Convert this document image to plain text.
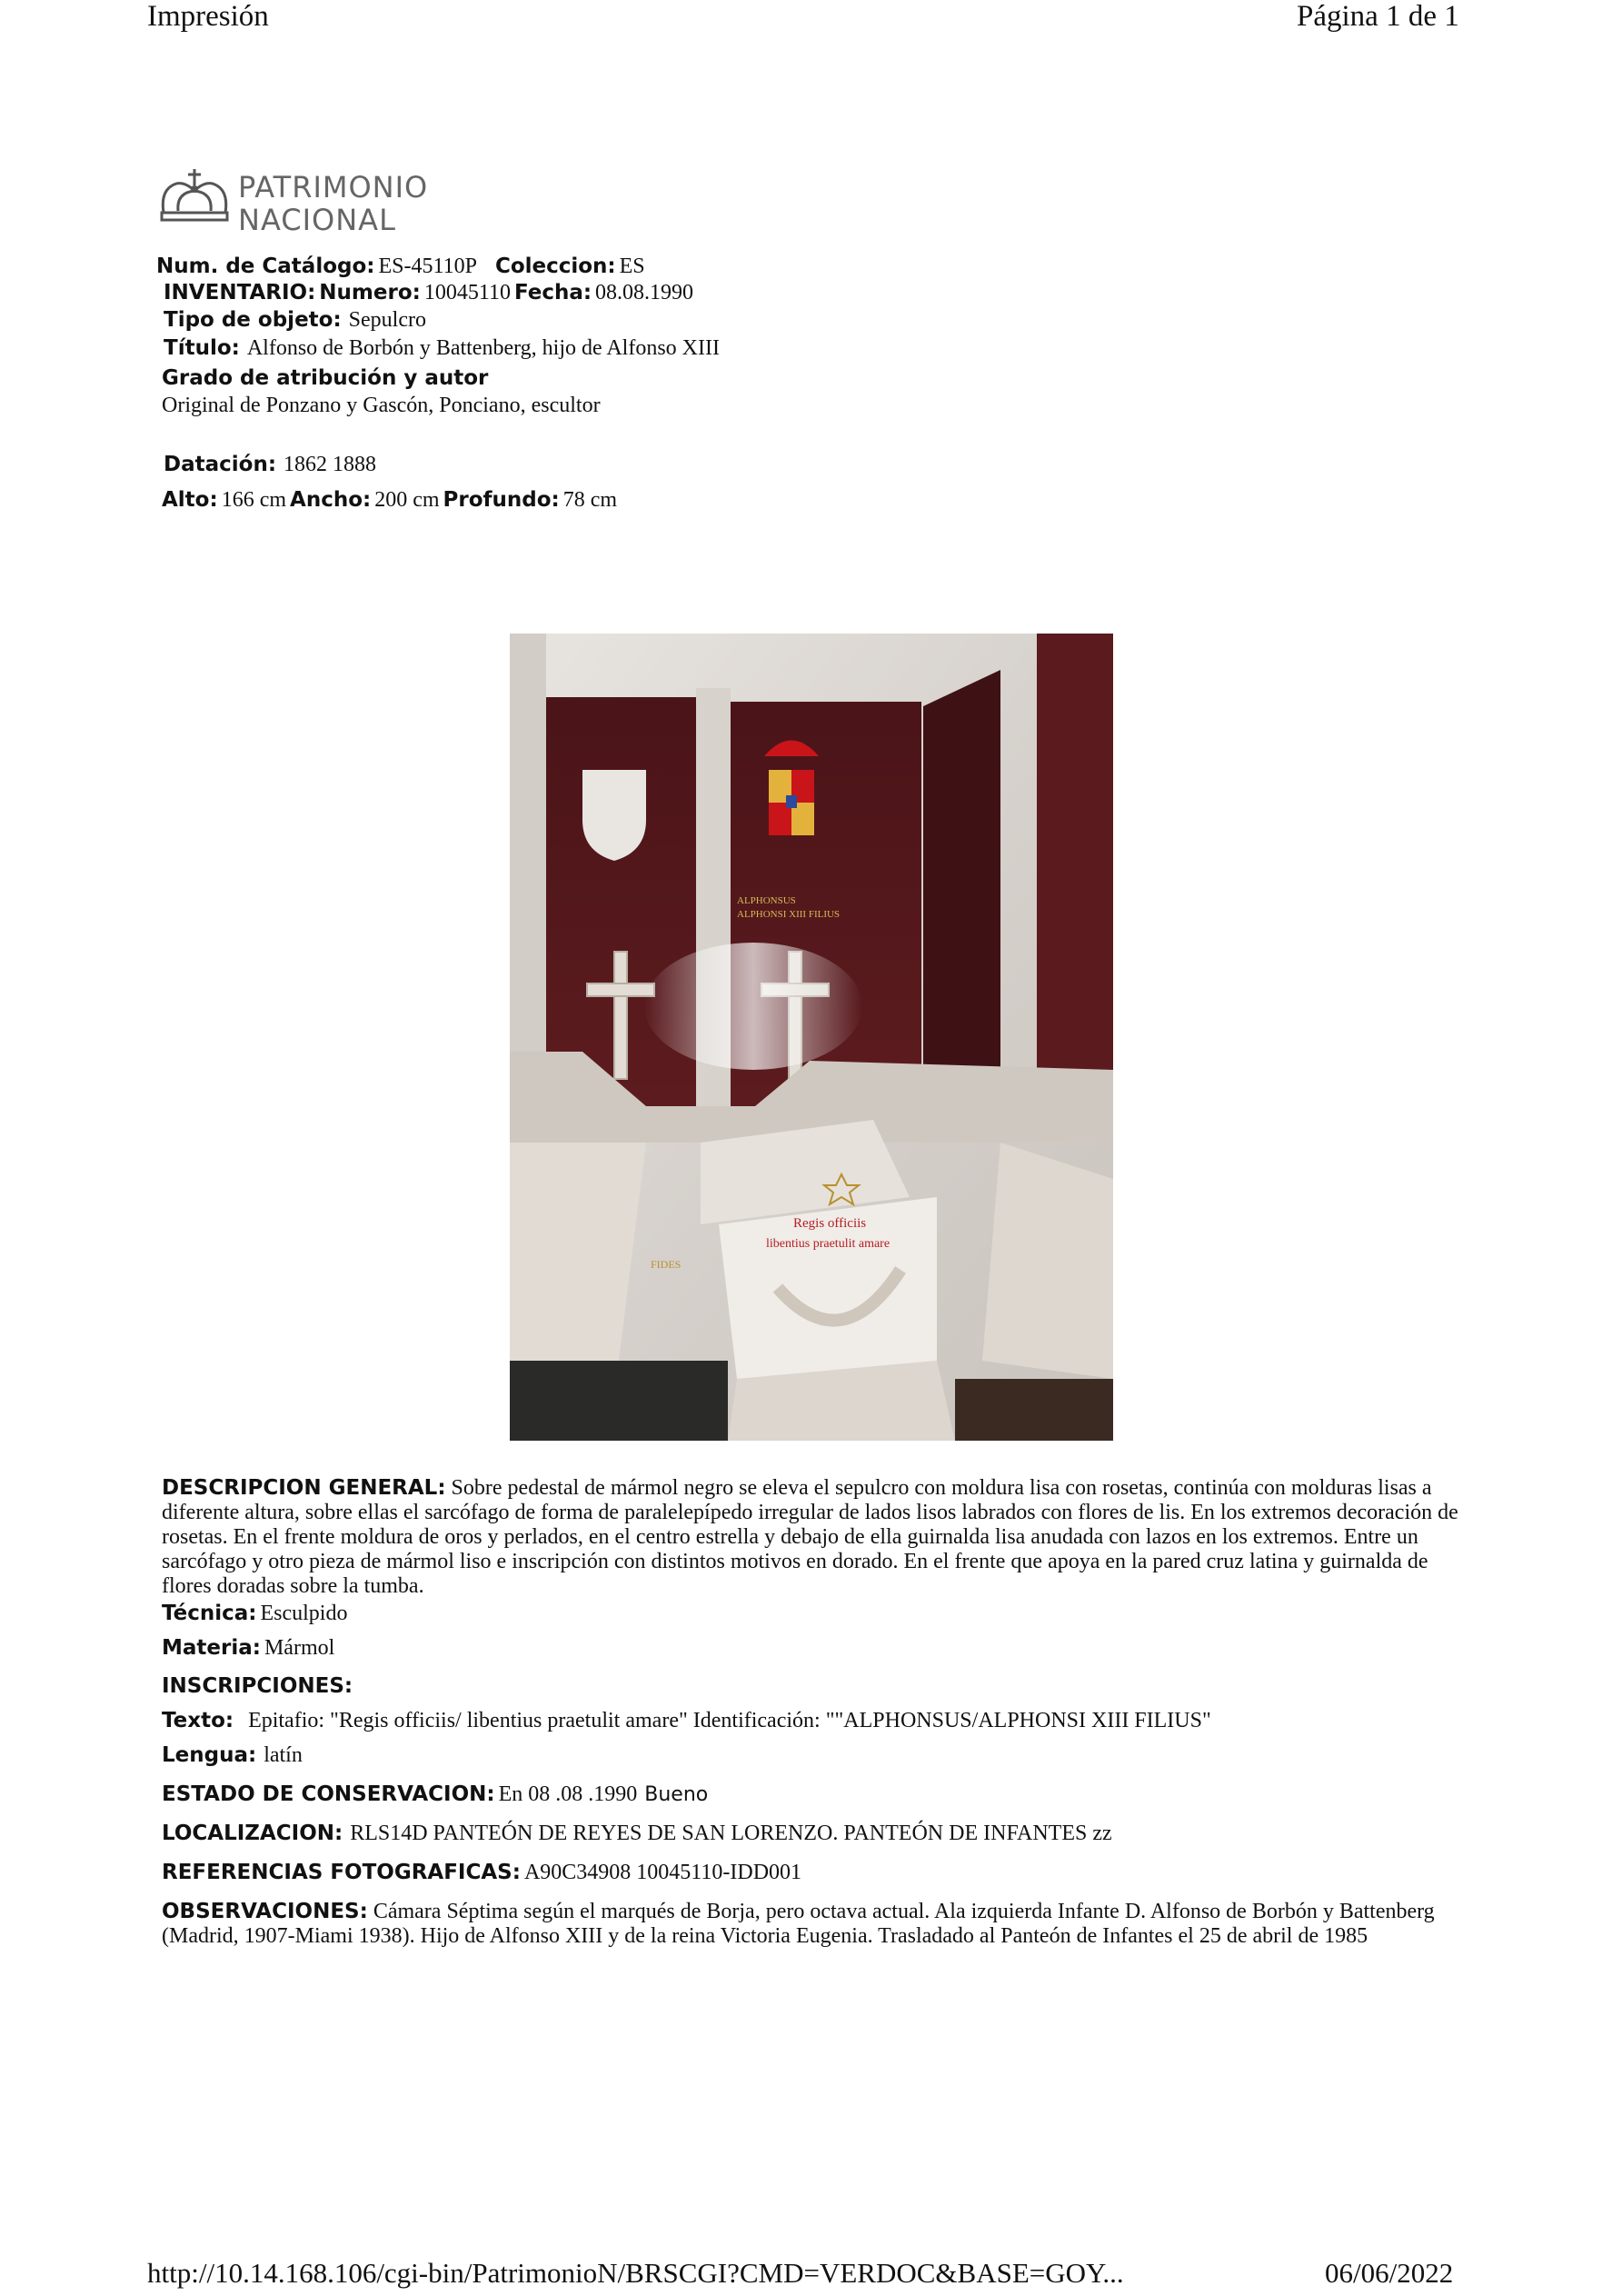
Impresión	Página 1 de 1
PATRIMONIO
NACIONAL
Num. de Catálogo: ES-45110P Coleccion: ES
INVENTARIO: Numero: 10045110 Fecha: 08.08.1990
Tipo de objeto: Sepulcro
Título: Alfonso de Borbón y Battenberg, hijo de Alfonso XIII
Grado de atribución y autor
Original de Ponzano y Gascón, Ponciano, escultor
Datación: 1862 1888
Alto: 166 cm Ancho: 200 cm Profundo: 78 cm
ALPHONSUS
ALPHONSI XIII FILIUS
FIDES
Regis officiis
libentius praetulit amare
DESCRIPCION GENERAL: Sobre pedestal de mármol negro se eleva el sepulcro con moldura lisa con rosetas, continúa con molduras lisas a diferente altura, sobre ellas el sarcófago de forma de paralelepípedo irregular de lados lisos labrados con flores de lis. En los extremos decoración de rosetas. En el frente moldura de oros y perlados, en el centro estrella y debajo de ella guirnalda lisa anudada con lazos en los extremos. Entre un sarcófago y otro pieza de mármol liso e inscripción con distintos motivos en dorado. En el frente que apoya en la pared cruz latina y guirnalda de flores doradas sobre la tumba.
Técnica: Esculpido
Materia: Mármol
INSCRIPCIONES:
Texto: Epitafio: "Regis officiis/ libentius praetulit amare" Identificación: ""ALPHONSUS/ALPHONSI XIII FILIUS"
Lengua: latín
ESTADO DE CONSERVACION: En 08 .08 .1990 Bueno
LOCALIZACION: RLS14D PANTEÓN DE REYES DE SAN LORENZO. PANTEÓN DE INFANTES zz
REFERENCIAS FOTOGRAFICAS: A90C34908 10045110-IDD001
OBSERVACIONES: Cámara Séptima según el marqués de Borja, pero octava actual. Ala izquierda Infante D. Alfonso de Borbón y Battenberg (Madrid, 1907-Miami 1938). Hijo de Alfonso XIII y de la reina Victoria Eugenia. Trasladado al Panteón de Infantes el 25 de abril de 1985
http://10.14.168.106/cgi-bin/PatrimonioN/BRSCGI?CMD=VERDOC&BASE=GOY...	06/06/2022
